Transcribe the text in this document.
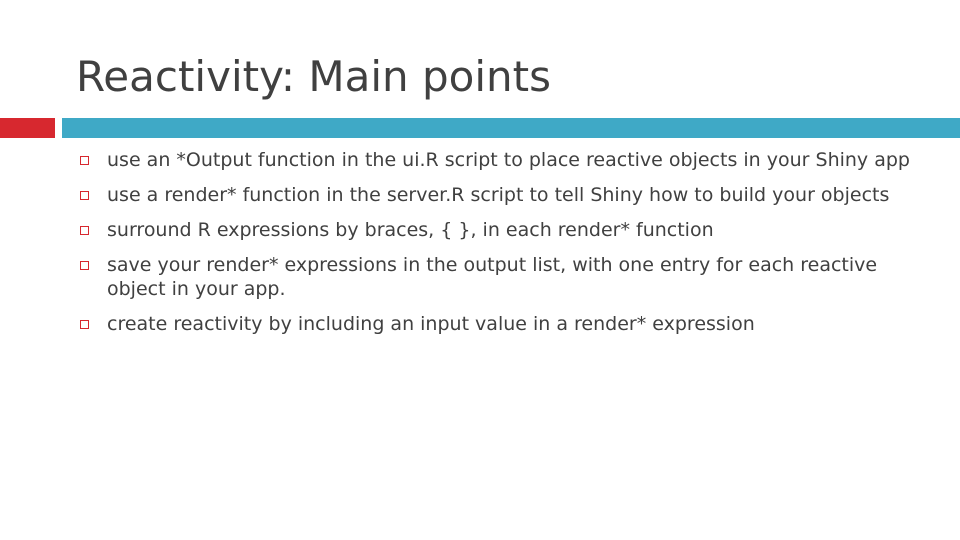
Reactivity: Main points
use an *Output function in the ui.R script to place reactive objects in your Shiny app
use a render* function in the server.R script to tell Shiny how to build your objects
surround R expressions by braces, { }, in each render* function
save your render* expressions in the output list, with one entry for each reactive object in your app.
create reactivity by including an input value in a render* expression
